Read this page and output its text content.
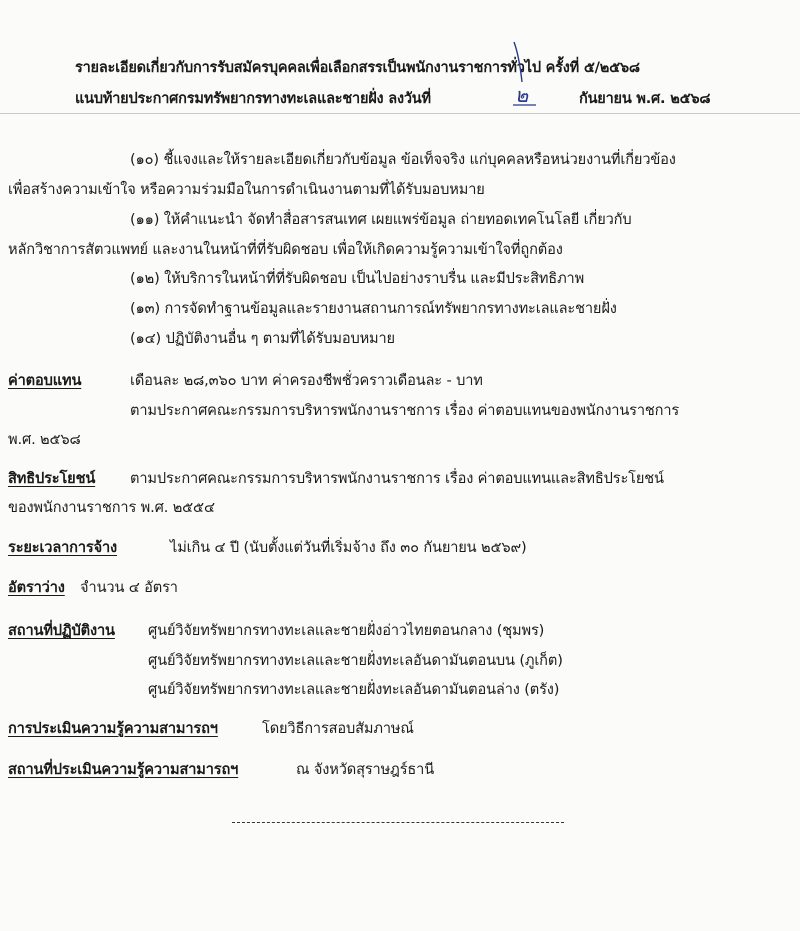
รายละเอียดเกี่ยวกับการรับสมัครบุคคลเพื่อเลือกสรรเป็นพนักงานราชการทั่วไป ครั้งที่ ๕/๒๕๖๘
แนบท้ายประกาศกรมทรัพยากรทางทะเลและชายฝั่ง ลงวันที่	กันยายน พ.ศ. ๒๕๖๘
๒
(๑๐) ชี้แจงและให้รายละเอียดเกี่ยวกับข้อมูล ข้อเท็จจริง แก่บุคคลหรือหน่วยงานที่เกี่ยวข้อง
เพื่อสร้างความเข้าใจ หรือความร่วมมือในการดำเนินงานตามที่ได้รับมอบหมาย
(๑๑) ให้คำแนะนำ จัดทำสื่อสารสนเทศ เผยแพร่ข้อมูล ถ่ายทอดเทคโนโลยี เกี่ยวกับ
หลักวิชาการสัตวแพทย์ และงานในหน้าที่ที่รับผิดชอบ เพื่อให้เกิดความรู้ความเข้าใจที่ถูกต้อง
(๑๒) ให้บริการในหน้าที่ที่รับผิดชอบ เป็นไปอย่างราบรื่น และมีประสิทธิภาพ
(๑๓) การจัดทำฐานข้อมูลและรายงานสถานการณ์ทรัพยากรทางทะเลและชายฝั่ง
(๑๔) ปฏิบัติงานอื่น ๆ ตามที่ได้รับมอบหมาย
ค่าตอบแทน	เดือนละ ๒๘,๓๖๐ บาท ค่าครองชีพชั่วคราวเดือนละ - บาท
ตามประกาศคณะกรรมการบริหารพนักงานราชการ เรื่อง ค่าตอบแทนของพนักงานราชการ
พ.ศ. ๒๕๖๘
สิทธิประโยชน์ ตามประกาศคณะกรรมการบริหารพนักงานราชการ เรื่อง ค่าตอบแทนและสิทธิประโยชน์
ของพนักงานราชการ พ.ศ. ๒๕๕๔
ระยะเวลาการจ้าง	ไม่เกิน ๔ ปี (นับตั้งแต่วันที่เริ่มจ้าง ถึง ๓๐ กันยายน ๒๕๖๙)
อัตราว่าง จำนวน ๔ อัตรา
สถานที่ปฏิบัติงาน ศูนย์วิจัยทรัพยากรทางทะเลและชายฝั่งอ่าวไทยตอนกลาง (ชุมพร)
ศูนย์วิจัยทรัพยากรทางทะเลและชายฝั่งทะเลอันดามันตอนบน (ภูเก็ต)
ศูนย์วิจัยทรัพยากรทางทะเลและชายฝั่งทะเลอันดามันตอนล่าง (ตรัง)
การประเมินความรู้ความสามารถฯ	โดยวิธีการสอบสัมภาษณ์
สถานที่ประเมินความรู้ความสามารถฯ	ณ จังหวัดสุราษฎร์ธานี
